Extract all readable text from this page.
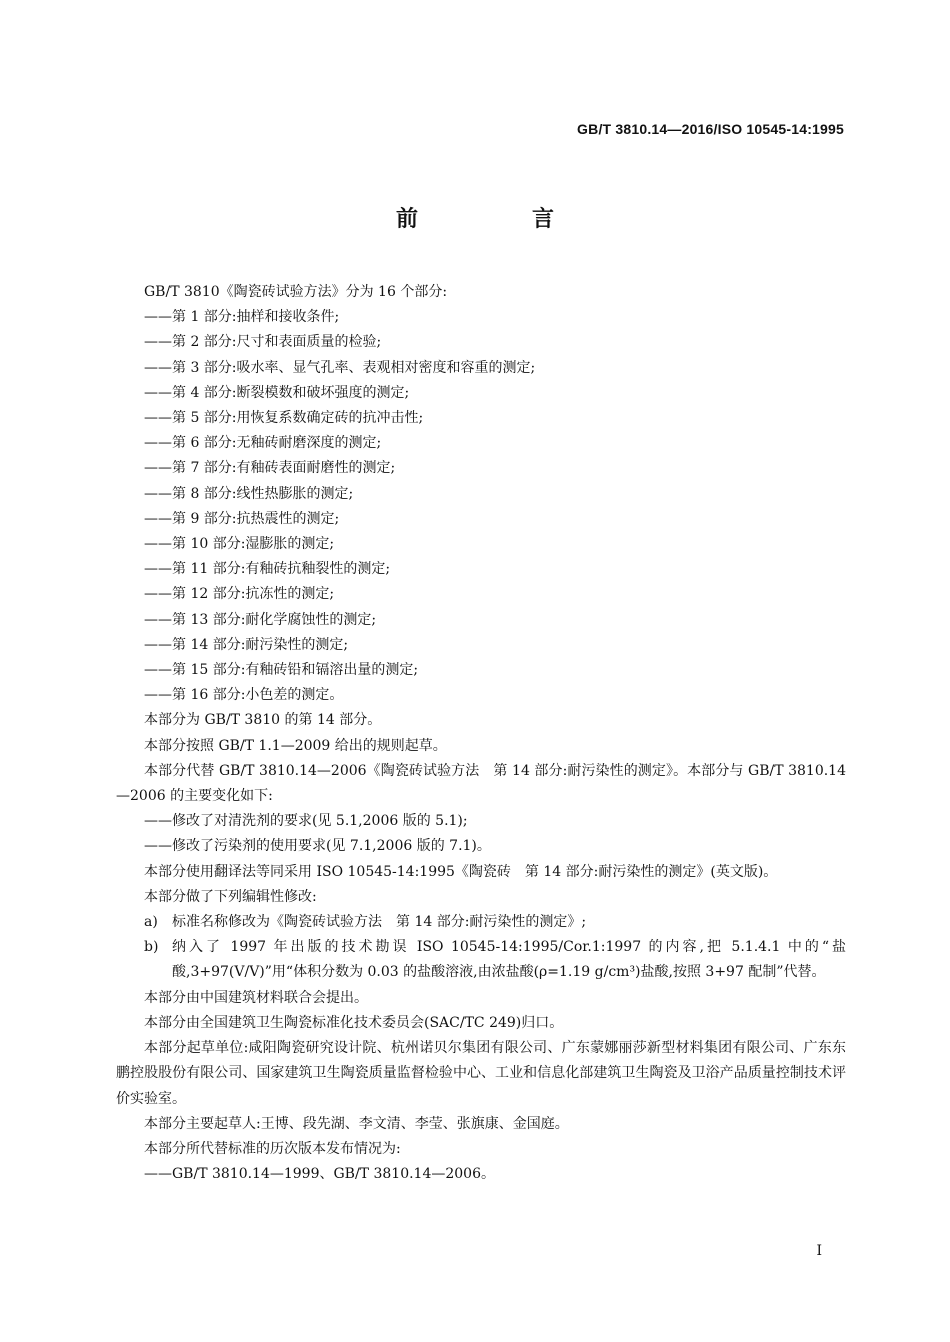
GB/T 3810.14—2016/ISO 10545-14:1995
前　言

GB/T 3810《陶瓷砖试验方法》分为 16 个部分:

——第 1 部分:抽样和接收条件;

——第 2 部分:尺寸和表面质量的检验;

——第 3 部分:吸水率、显气孔率、表观相对密度和容重的测定;

——第 4 部分:断裂模数和破坏强度的测定;

——第 5 部分:用恢复系数确定砖的抗冲击性;

——第 6 部分:无釉砖耐磨深度的测定;

——第 7 部分:有釉砖表面耐磨性的测定;

——第 8 部分:线性热膨胀的测定;

——第 9 部分:抗热震性的测定;

——第 10 部分:湿膨胀的测定;

——第 11 部分:有釉砖抗釉裂性的测定;

——第 12 部分:抗冻性的测定;

——第 13 部分:耐化学腐蚀性的测定;

——第 14 部分:耐污染性的测定;

——第 15 部分:有釉砖铅和镉溶出量的测定;

——第 16 部分:小色差的测定。

本部分为 GB/T 3810 的第 14 部分。

本部分按照 GB/T 1.1—2009 给出的规则起草。

本部分代替 GB/T 3810.14—2006《陶瓷砖试验方法　第 14 部分:耐污染性的测定》。本部分与 GB/T 3810.14—2006 的主要变化如下:

——修改了对清洗剂的要求(见 5.1,2006 版的 5.1);

——修改了污染剂的使用要求(见 7.1,2006 版的 7.1)。

本部分使用翻译法等同采用 ISO 10545-14:1995《陶瓷砖　第 14 部分:耐污染性的测定》(英文版)。

本部分做了下列编辑性修改:

a)	标准名称修改为《陶瓷砖试验方法　第 14 部分:耐污染性的测定》;
b) 纳入了 1997 年出版的技术勘误 ISO 10545-14:1995/Cor.1:1997 的内容,把 5.1.4.1 中的“盐酸,3+97(V/V)”用“体积分数为 0.03 的盐酸溶液,由浓盐酸(ρ=1.19 g/cm³)盐酸,按照 3+97 配制”代替。

本部分由中国建筑材料联合会提出。

本部分由全国建筑卫生陶瓷标准化技术委员会(SAC/TC 249)归口。

本部分起草单位:咸阳陶瓷研究设计院、杭州诺贝尔集团有限公司、广东蒙娜丽莎新型材料集团有限公司、广东东鹏控股股份有限公司、国家建筑卫生陶瓷质量监督检验中心、工业和信息化部建筑卫生陶瓷及卫浴产品质量控制技术评价实验室。

本部分主要起草人:王博、段先湖、李文清、李莹、张旗康、金国庭。

本部分所代替标准的历次版本发布情况为:

——GB/T 3810.14—1999、GB/T 3810.14—2006。

I
